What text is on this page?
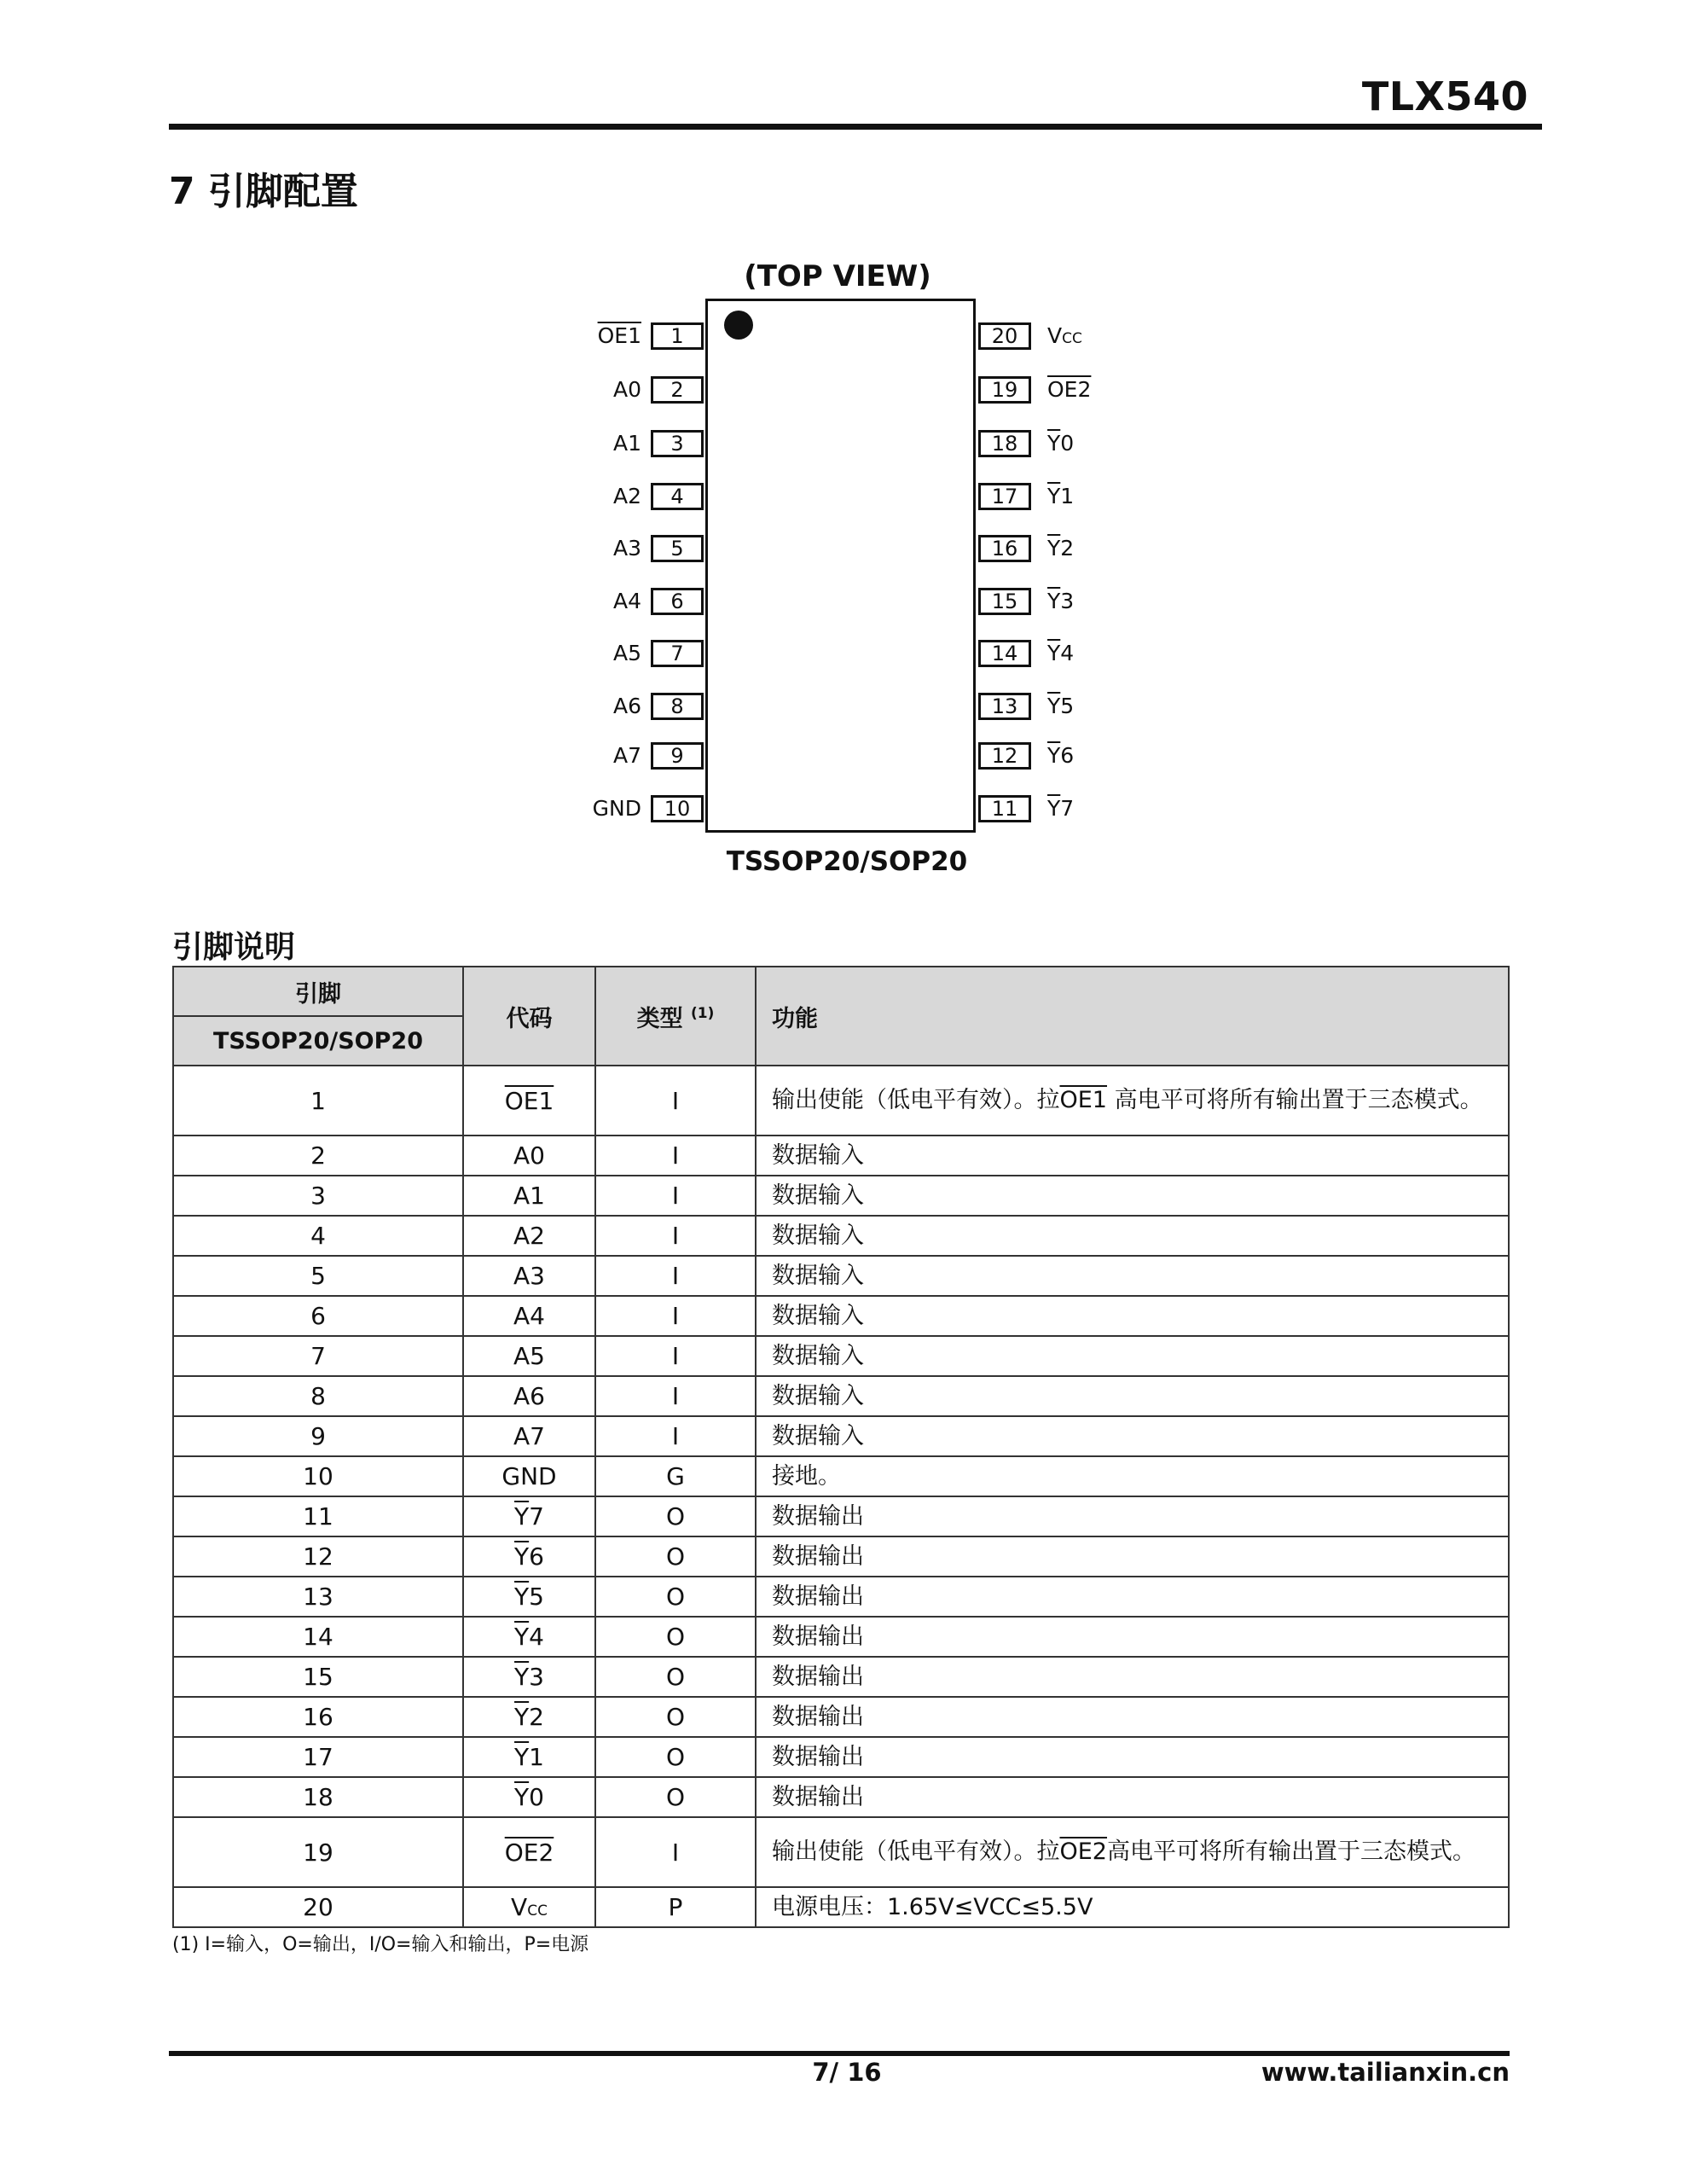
TLX540
7 引脚配置
(TOP VIEW)
1
OE1
2
A0
3
A1
4
A2
5
A3
6
A4
7
A5
8
A6
9
A7
10
GND
20	VCC
19	OE2
18	$\overline{Y}0$
17	$\overline{Y}1$
16	$\overline{Y}2$
15	$\overline{Y}3$
14	$\overline{Y}4$
13	$\overline{Y}5$
12	$\overline{Y}6$
11	$\overline{Y}7$
TSSOP20/SOP20
引脚说明
引脚	代码	类型 $^{(1)}$	功能
TSSOP20/SOP20			
1	OE1	I	输出使能（低电平有效）。拉OE1 高电平可将所有输出置于三态模式。
2	A0	I	数据输入
3	A1	I	数据输入
4	A2	I	数据输入
5	A3	I	数据输入
6	A4	I	数据输入
7	A5	I	数据输入
8	A6	I	数据输入
9	A7	I	数据输入
10	GND	G	接地。
11	$\overline{Y}7$	O	数据输出
12	$\overline{Y}6$	O	数据输出
13	$\overline{Y}5$	O	数据输出
14	$\overline{Y}4$	O	数据输出
15	$\overline{Y}3$	O	数据输出
16	$\overline{Y}2$	O	数据输出
17	$\overline{Y}1$	O	数据输出
18	$\overline{Y}0$	O	数据输出
19	OE2	I	输出使能（低电平有效）。拉OE2高电平可将所有输出置于三态模式。
20	VCC	P	电源电压：1.65V≤VCC≤5.5V
(1) I=输入，O=输出，I/O=输入和输出，P=电源
7/ 16	www.tailianxin.cn
